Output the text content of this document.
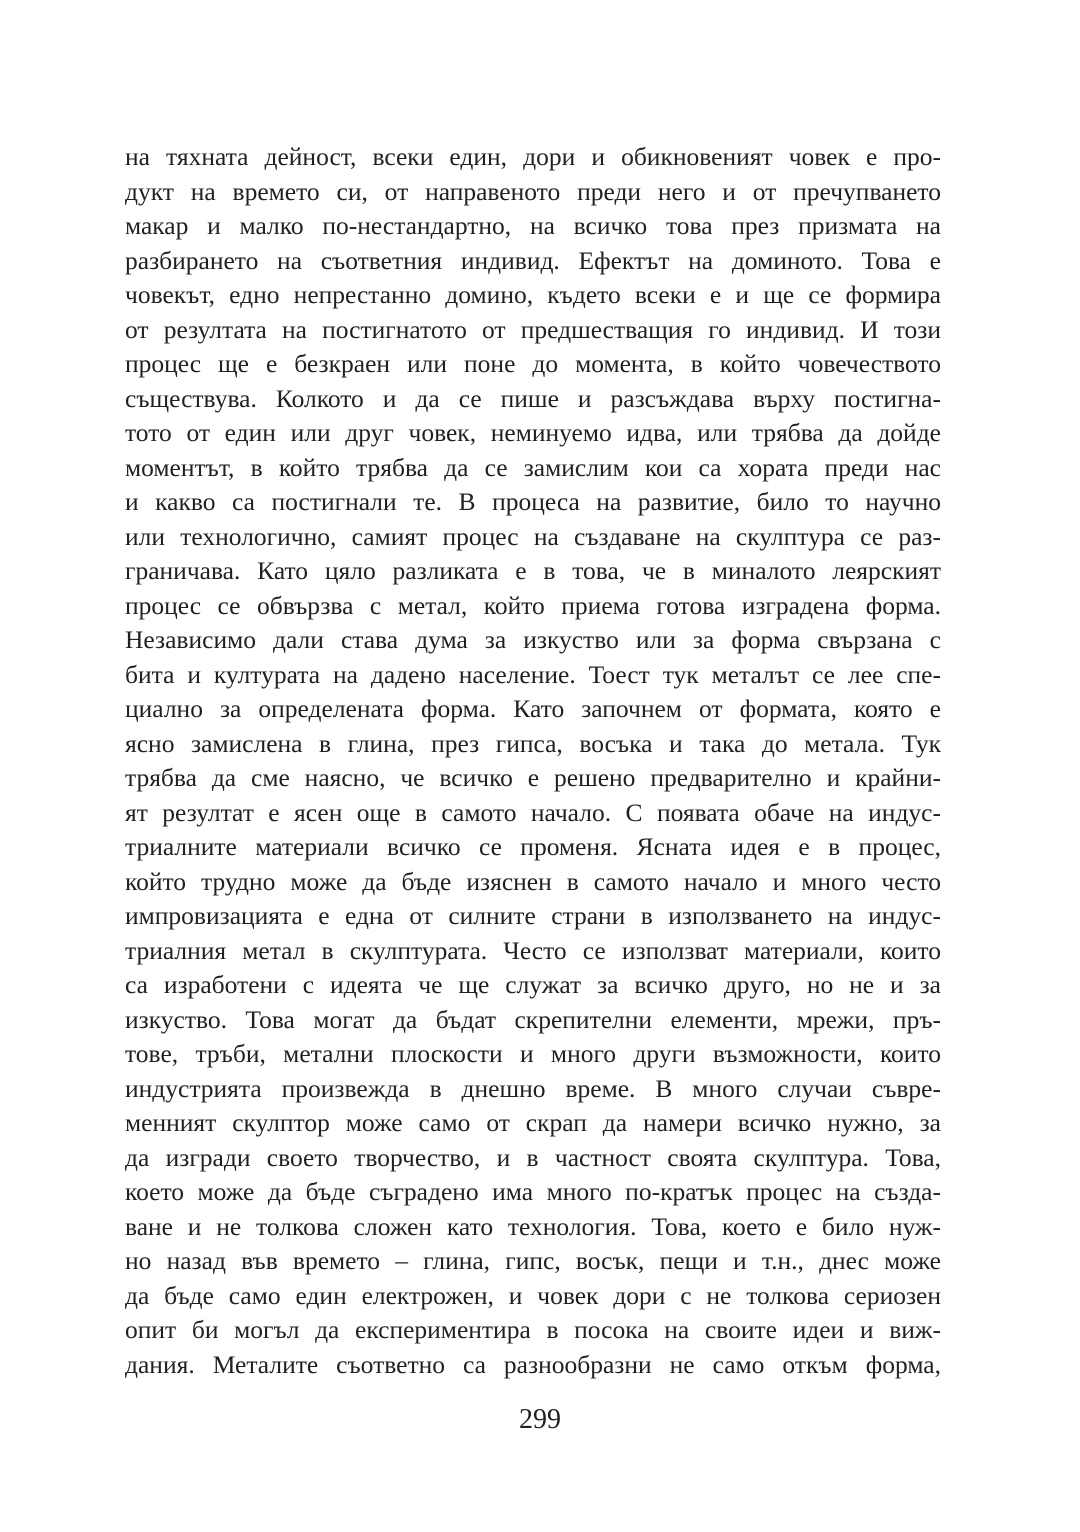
на тяхната дейност, всеки един, дори и обикновеният човек е про-
дукт на времето си, от направеното преди него и от пречупването
макар и малко по-нестандартно, на всичко това през призмата на
разбирането на съответния индивид. Ефектът на доминото. Това е
човекът, едно непрестанно домино, където всеки е и ще се формира
от резултата на постигнатото от предшестващия го индивид. И този
процес ще е безкраен или поне до момента, в който човечеството
съществува. Колкото и да се пише и разсъждава върху постигна-
тото от един или друг човек, неминуемо идва, или трябва да дойде
моментът, в който трябва да се замислим кои са хората преди нас
и какво са постигнали те. В процеса на развитие, било то научно
или технологично, самият процес на създаване на скулптура се раз-
граничава. Като цяло разликата е в това, че в миналото леярският
процес се обвързва с метал, който приема готова изградена форма.
Независимо дали става дума за изкуство или за форма свързана с
бита и културата на дадено население. Тоест тук металът се лее спе-
циално за определената форма. Като започнем от формата, която е
ясно замислена в глина, през гипса, восъка и така до метала. Тук
трябва да сме наясно, че всичко е решено предварително и крайни-
ят резултат е ясен още в самото начало. С появата обаче на индус-
триалните материали всичко се променя. Ясната идея е в процес,
който трудно може да бъде изяснен в самото начало и много често
импровизацията е една от силните страни в използването на индус-
триалния метал в скулптурата. Често се използват материали, които
са изработени с идеята че ще служат за всичко друго, но не и за
изкуство. Това могат да бъдат скрепителни елементи, мрежи, пръ-
тове, тръби, метални плоскости и много други възможности, които
индустрията произвежда в днешно време. В много случаи съвре-
менният скулптор може само от скрап да намери всичко нужно, за
да изгради своето творчество, и в частност своята скулптура. Това,
което може да бъде съградено има много по-кратък процес на създа-
ване и не толкова сложен като технология. Това, което е било нуж-
но назад във времето – глина, гипс, восък, пещи и т.н., днес може
да бъде само един електрожен, и човек дори с не толкова сериозен
опит би могъл да експериментира в посока на своите идеи и виж-
дания. Металите съответно са разнообразни не само откъм форма,
299
